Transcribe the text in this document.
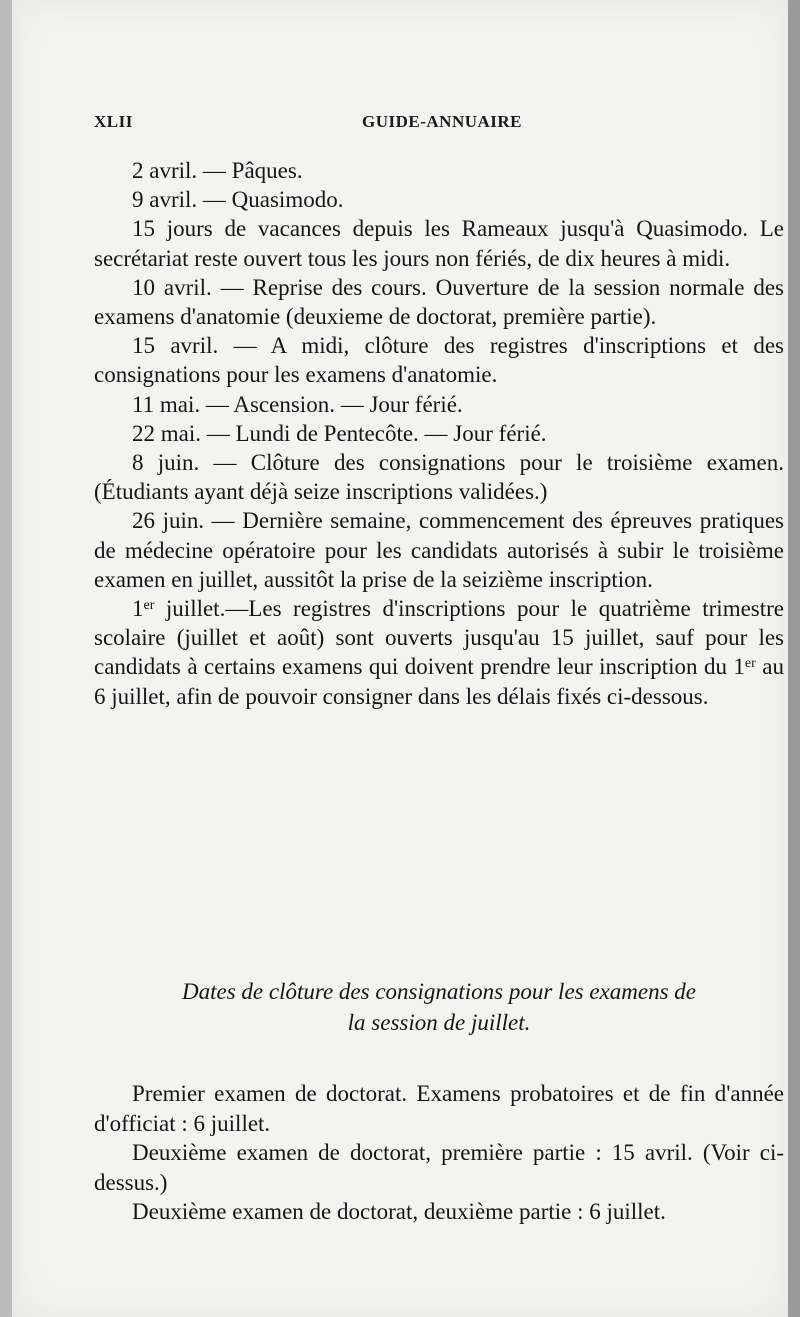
XLII	GUIDE-ANNUAIRE

2 avril. — Pâques.

9 avril. — Quasimodo.

15 jours de vacances depuis les Rameaux jusqu'à Quasimodo. Le secrétariat reste ouvert tous les jours non fériés, de dix heures à midi.

10 avril. — Reprise des cours. Ouverture de la session normale des examens d'anatomie (deuxieme de doctorat, première partie).

15 avril. — A midi, clôture des registres d'inscriptions et des consignations pour les examens d'anatomie.

11 mai. — Ascension. — Jour férié.

22 mai. — Lundi de Pentecôte. — Jour férié.

8 juin. — Clôture des consignations pour le troisième examen. (Étudiants ayant déjà seize inscriptions validées.)

26 juin. — Dernière semaine, commencement des épreuves pratiques de médecine opératoire pour les candidats autorisés à subir le troisième examen en juillet, aussitôt la prise de la seizième inscription.

1er juillet.—Les registres d'inscriptions pour le quatrième trimestre scolaire (juillet et août) sont ouverts jusqu'au 15 juillet, sauf pour les candidats à certains examens qui doivent prendre leur inscription du 1er au 6 juillet, afin de pouvoir consigner dans les délais fixés ci-dessous.

Dates de clôture des consignations pour les examens de
la session de juillet.

Premier examen de doctorat. Examens probatoires et de fin d'année d'officiat : 6 juillet.

Deuxième examen de doctorat, première partie : 15 avril. (Voir ci-dessus.)

Deuxième examen de doctorat, deuxième partie : 6 juillet.
